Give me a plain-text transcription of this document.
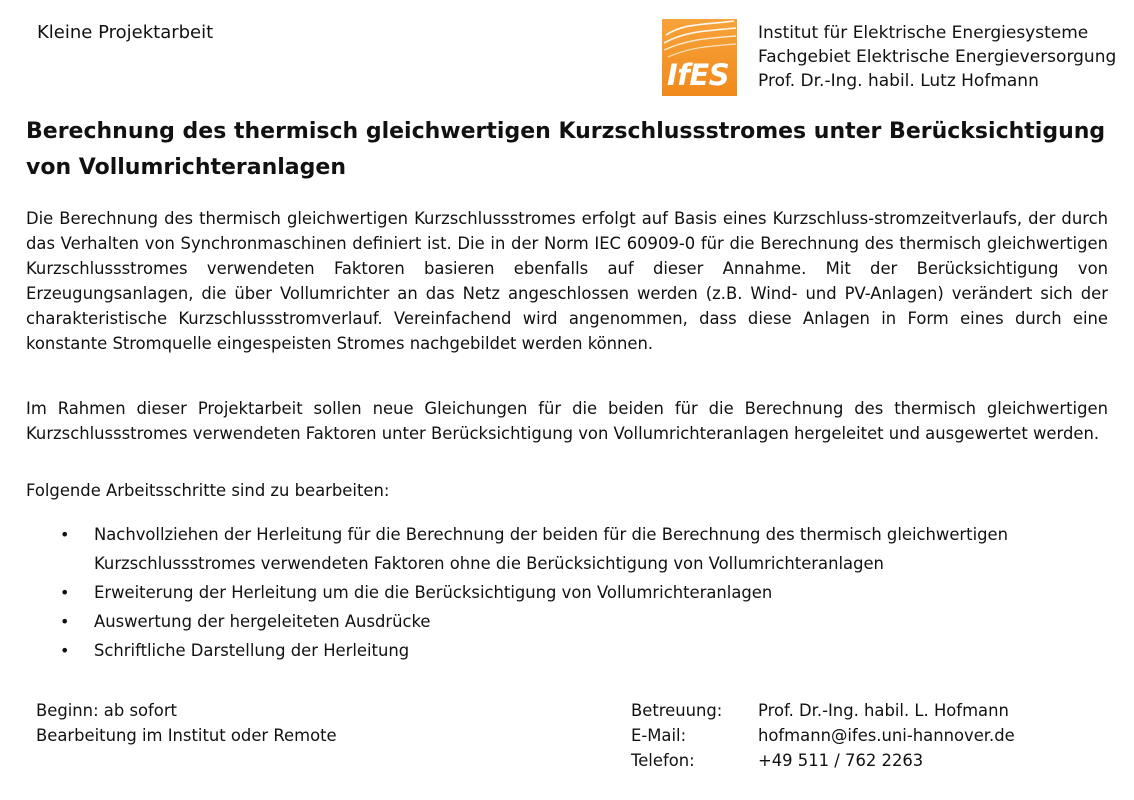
Kleine Projektarbeit
IfES
Institut für Elektrische Energiesysteme
Fachgebiet Elektrische Energieversorgung
Prof. Dr.-Ing. habil. Lutz Hofmann
Berechnung des thermisch gleichwertigen Kurzschlussstromes unter Berücksichtigung von Vollumrichteranlagen
Die Berechnung des thermisch gleichwertigen Kurzschlussstromes erfolgt auf Basis eines Kurzschluss-stromzeitverlaufs, der durch das Verhalten von Synchronmaschinen definiert ist. Die in der Norm IEC 60909-0 für die Berechnung des thermisch gleichwertigen Kurzschlussstromes verwendeten Faktoren basieren ebenfalls auf dieser Annahme. Mit der Berücksichtigung von Erzeugungsanlagen, die über Vollumrichter an das Netz angeschlossen werden (z.B. Wind- und PV-Anlagen) verändert sich der charakteristische Kurzschlussstromverlauf. Vereinfachend wird angenommen, dass diese Anlagen in Form eines durch eine konstante Stromquelle eingespeisten Stromes nachgebildet werden können.
Im Rahmen dieser Projektarbeit sollen neue Gleichungen für die beiden für die Berechnung des thermisch gleichwertigen Kurzschlussstromes verwendeten Faktoren unter Berücksichtigung von Vollumrichteranlagen hergeleitet und ausgewertet werden.
Folgende Arbeitsschritte sind zu bearbeiten:
• Nachvollziehen der Herleitung für die Berechnung der beiden für die Berechnung des thermisch gleichwertigen Kurzschlussstromes verwendeten Faktoren ohne die Berücksichtigung von Vollumrichteranlagen
• Erweiterung der Herleitung um die die Berücksichtigung von Vollumrichteranlagen
• Auswertung der hergeleiteten Ausdrücke
• Schriftliche Darstellung der Herleitung
Beginn: ab sofort
Bearbeitung im Institut oder Remote
Betreuung:	Prof. Dr.-Ing. habil. L. Hofmann
E-Mail:	hofmann@ifes.uni-hannover.de
Telefon:	+49 511 / 762 2263
